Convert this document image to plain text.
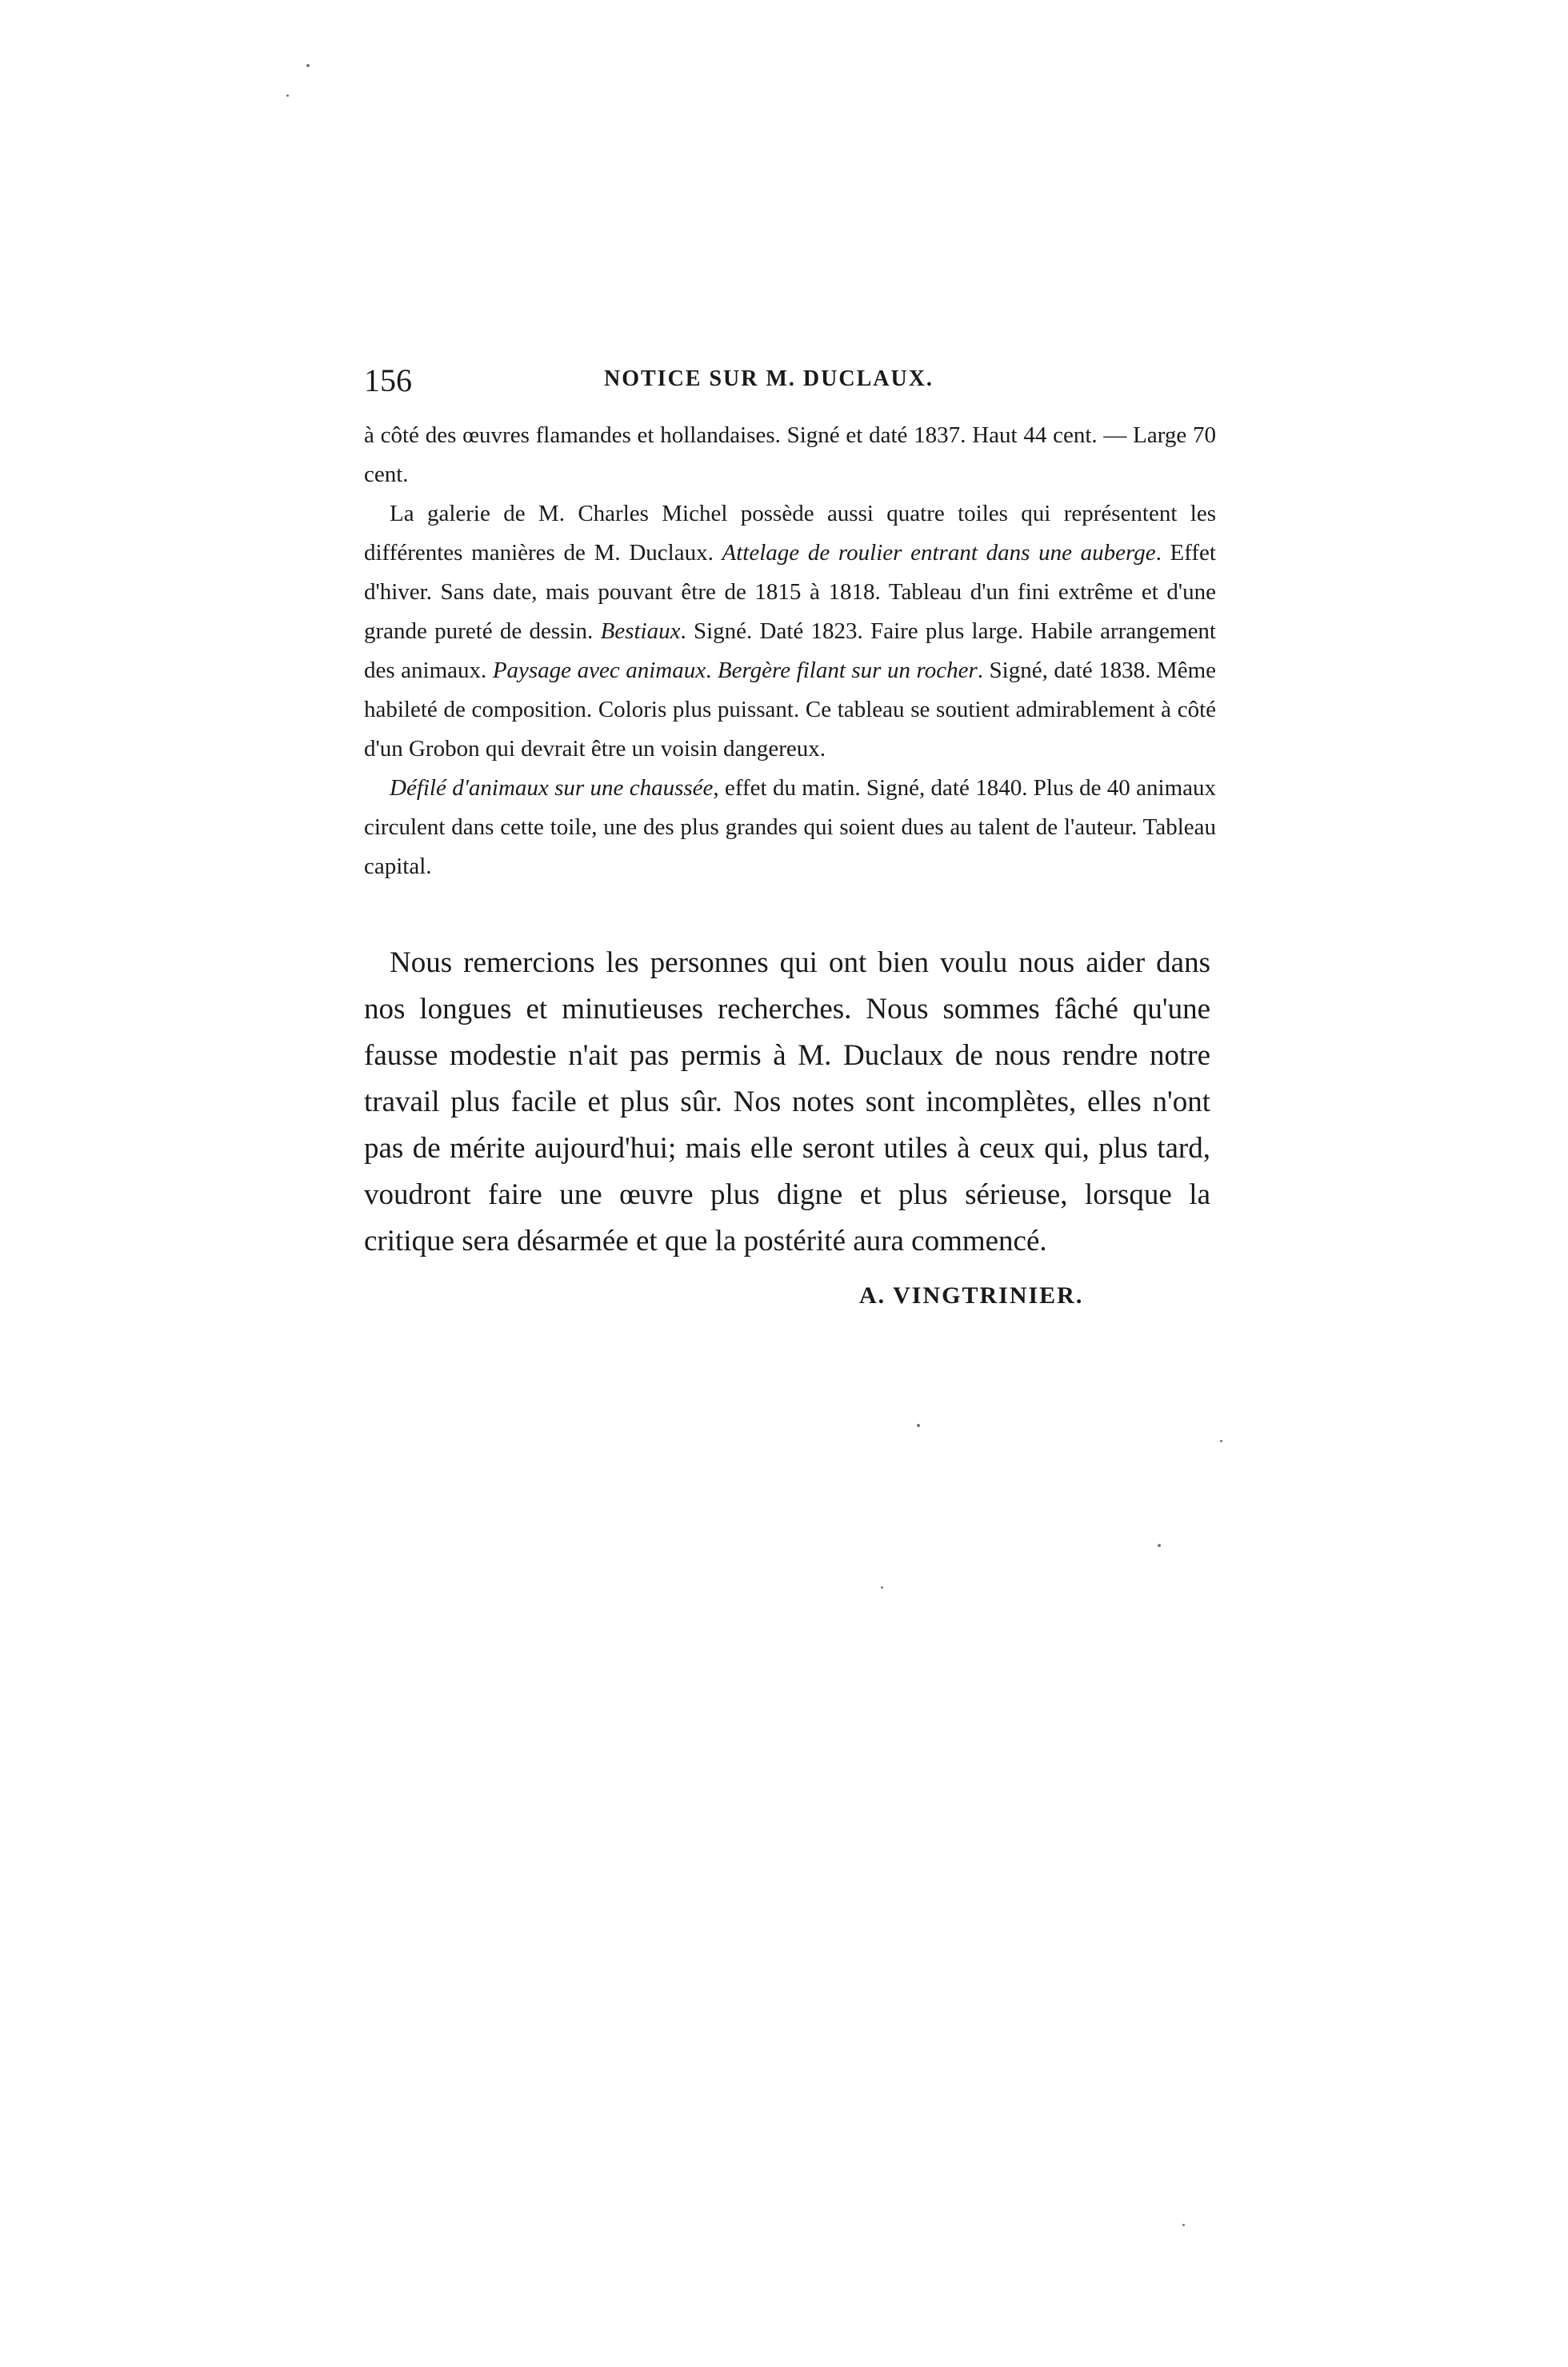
156	NOTICE SUR M. DUCLAUX.

à côté des œuvres flamandes et hollandaises. Signé et daté 1837. Haut 44 cent. — Large 70 cent.

La galerie de M. Charles Michel possède aussi quatre toiles qui représentent les différentes manières de M. Duclaux. Attelage de roulier entrant dans une auberge. Effet d'hiver. Sans date, mais pouvant être de 1815 à 1818. Tableau d'un fini extrême et d'une grande pureté de dessin. Bestiaux. Signé. Daté 1823. Faire plus large. Habile arrangement des animaux. Paysage avec animaux. Bergère filant sur un rocher. Signé, daté 1838. Même habileté de composition. Coloris plus puissant. Ce tableau se soutient admirablement à côté d'un Grobon qui devrait être un voisin dangereux.

Défilé d'animaux sur une chaussée, effet du matin. Signé, daté 1840. Plus de 40 animaux circulent dans cette toile, une des plus grandes qui soient dues au talent de l'auteur. Tableau capital.

Nous remercions les personnes qui ont bien voulu nous aider dans nos longues et minutieuses recherches. Nous sommes fâché qu'une fausse modestie n'ait pas permis à M. Duclaux de nous rendre notre travail plus facile et plus sûr. Nos notes sont incomplètes, elles n'ont pas de mérite aujourd'hui; mais elle seront utiles à ceux qui, plus tard, voudront faire une œuvre plus digne et plus sérieuse, lorsque la critique sera désarmée et que la postérité aura commencé.

A. VINGTRINIER.
